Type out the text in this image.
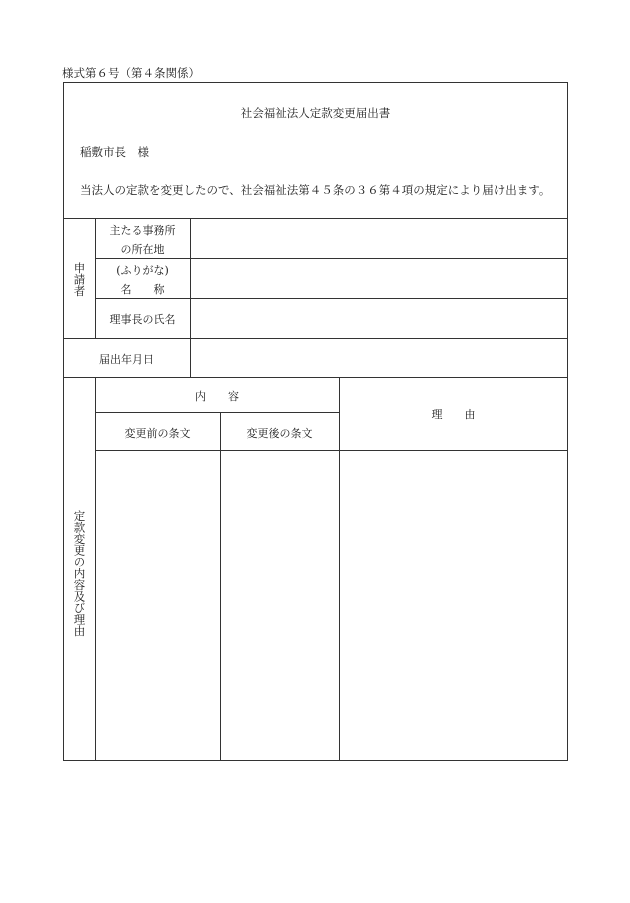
様式第６号（第４条関係）
社会福祉法人定款変更届出書
稲敷市長　様
当法人の定款を変更したので、社会福祉法第４５条の３６第４項の規定により届け出ます。
申請者
主たる事務所
の所在地
(ふりがな)
名　　称
理事長の氏名
届出年月日
定款変更の内容及び理由
内　　容
理　　由
変更前の条文	変更後の条文
